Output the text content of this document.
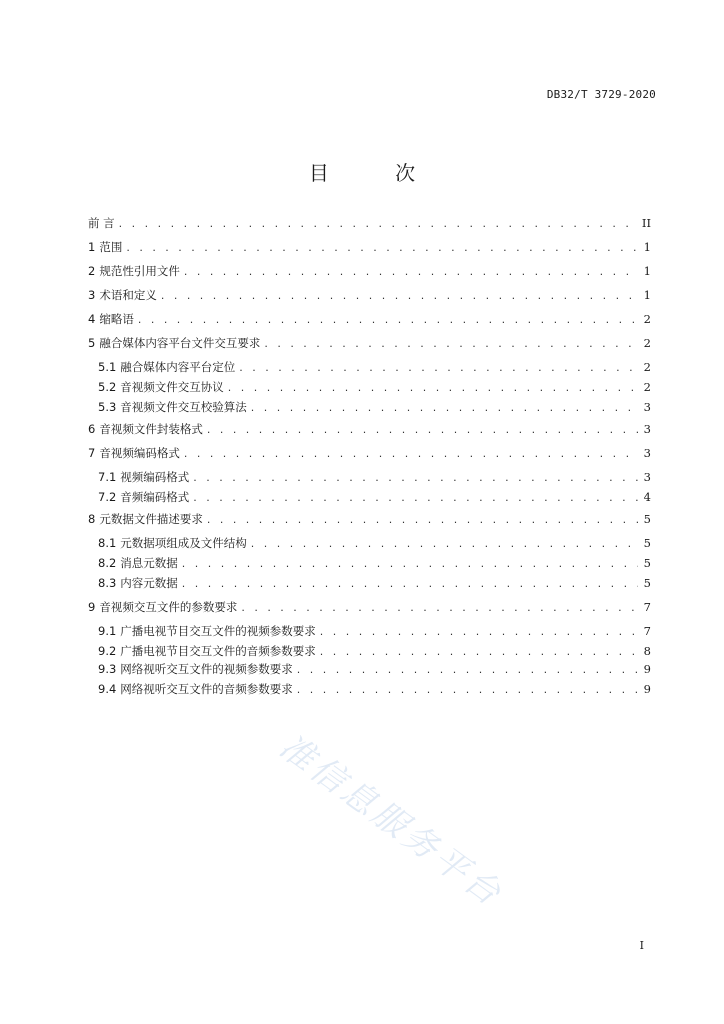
DB32/T 3729-2020
目 次
前 言 . . .	II
1 范围 . . .	1
2 规范性引用文件 . . .	1
3 术语和定义 . . .	1
4 缩略语 . . .	2
5 融合媒体内容平台文件交互要求 . . .	2
5.1 融合媒体内容平台定位 . . .	2
5.2 音视频文件交互协议 . . .	2
5.3 音视频文件交互校验算法 . . .	3
6 音视频文件封装格式 . . .	3
7 音视频编码格式 . . .	3
7.1 视频编码格式 . . .	3
7.2 音频编码格式 . . .	4
8 元数据文件描述要求 . . .	5
8.1 元数据项组成及文件结构 . . .	5
8.2 消息元数据 . . .	5
8.3 内容元数据 . . .	5
9 音视频交互文件的参数要求 . . .	7
9.1 广播电视节目交互文件的视频参数要求 . . .	7
9.2 广播电视节目交互文件的音频参数要求 . . .	8
9.3 网络视听交互文件的视频参数要求 . . .	9
9.4 网络视听交互文件的音频参数要求 . . .	9
I
准信息服务平台
